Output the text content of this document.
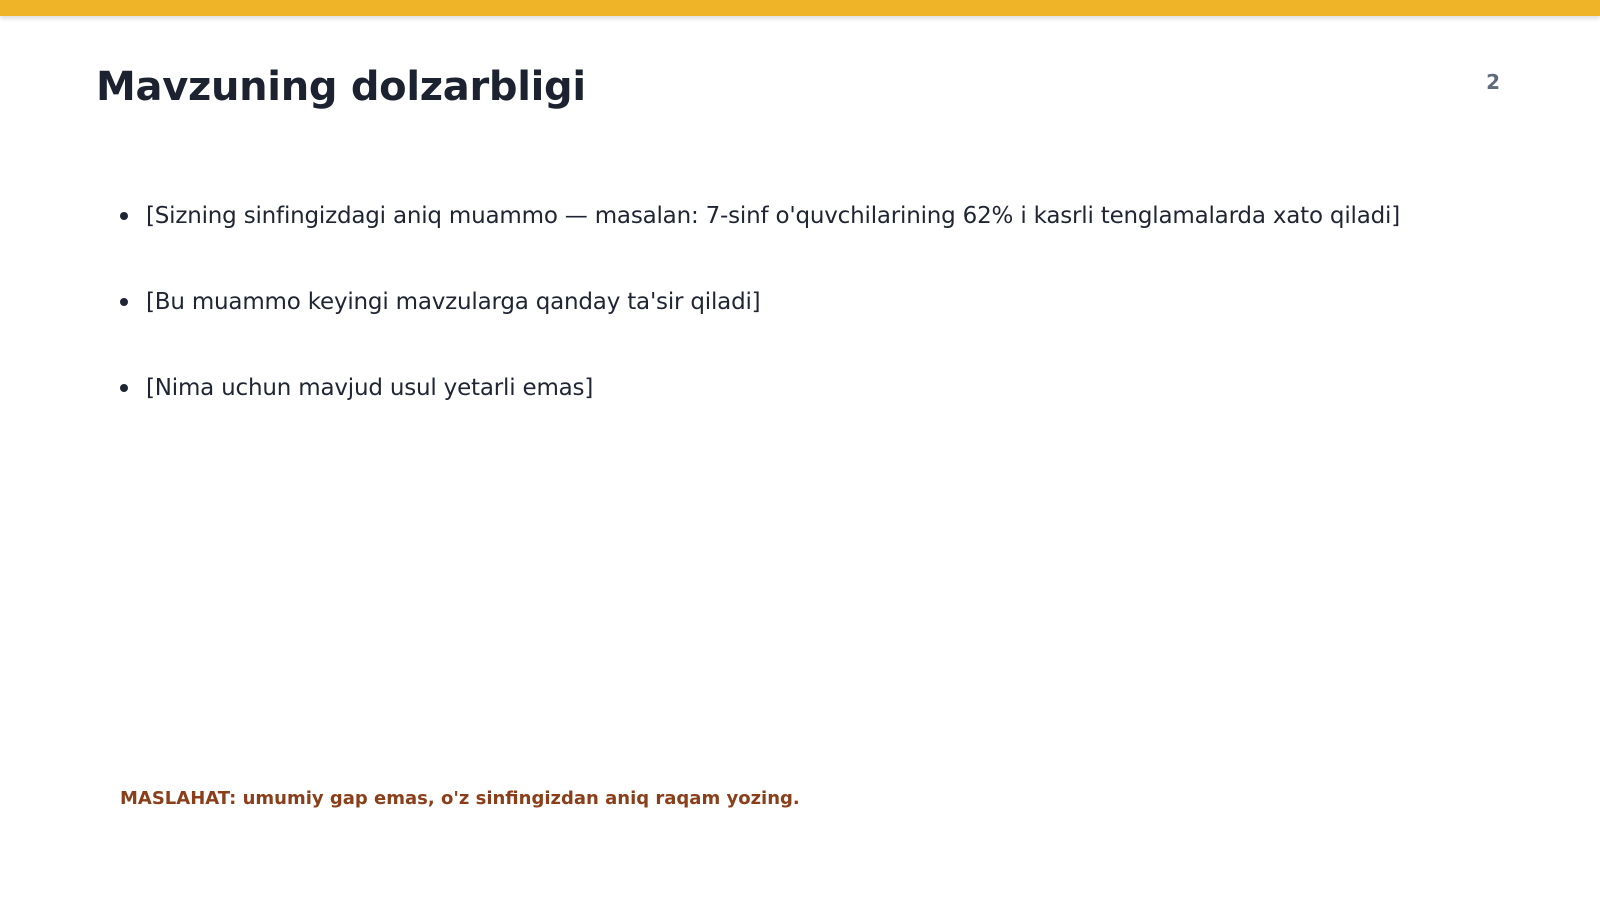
Mavzuning dolzarbligi	2
[Sizning sinfingizdagi aniq muammo — masalan: 7-sinf o'quvchilarining 62% i kasrli tenglamalarda xato qiladi]
[Bu muammo keyingi mavzularga qanday ta'sir qiladi]
[Nima uchun mavjud usul yetarli emas]
MASLAHAT: umumiy gap emas, o'z sinfingizdan aniq raqam yozing.
